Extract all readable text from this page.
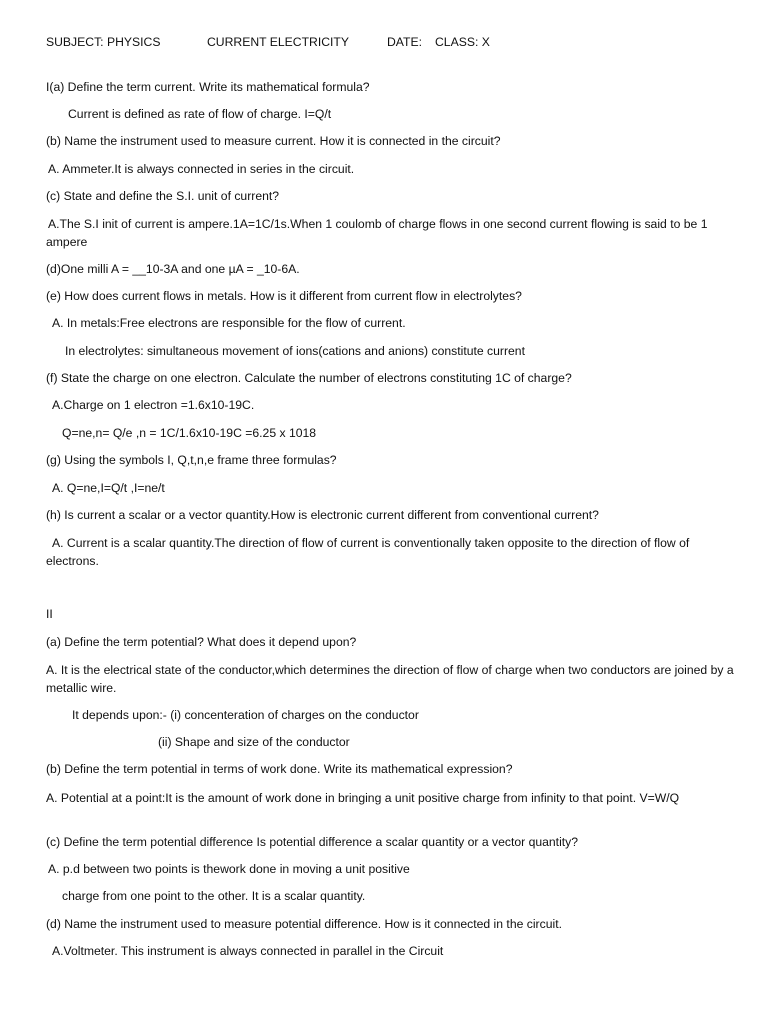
SUBJECT: PHYSICS	CURRENT ELECTRICITY	DATE: CLASS: X
I(a) Define the term current. Write its mathematical formula?
Current is defined as rate of flow of charge. I=Q/t
(b) Name the instrument used to measure current. How it is connected in the circuit?
A. Ammeter.It is always connected in series in the circuit.
(c) State and define the S.I. unit of current?
A.The S.I init of current is ampere.1A=1C/1s.When 1 coulomb of charge flows in one second current flowing is said to be 1 ampere
(d)One milli A = __10-3A and one µA = _10-6A.
(e) How does current flows in metals. How is it different from current flow in electrolytes?
A. In metals:Free electrons are responsible for the flow of current.
In electrolytes: simultaneous movement of ions(cations and anions) constitute current
(f) State the charge on one electron. Calculate the number of electrons constituting 1C of charge?
A.Charge on 1 electron =1.6x10-19C.
Q=ne,n= Q/e ,n = 1C/1.6x10-19C =6.25 x 1018
(g) Using the symbols I, Q,t,n,e frame three formulas?
A. Q=ne,I=Q/t ,I=ne/t
(h) Is current a scalar or a vector quantity.How is electronic current different from conventional current?
A. Current is a scalar quantity.The direction of flow of current is conventionally taken opposite to the direction of flow of electrons.
II
(a) Define the term potential? What does it depend upon?
A. It is the electrical state of the conductor,which determines the direction of flow of charge when two conductors are joined by a metallic wire.
It depends upon:- (i) concenteration of charges on the conductor
(ii) Shape and size of the conductor
(b) Define the term potential in terms of work done. Write its mathematical expression?
A. Potential at a point:It is the amount of work done in bringing a unit positive charge from infinity to that point. V=W/Q
(c) Define the term potential difference Is potential difference a scalar quantity or a vector quantity?
A. p.d between two points is thework done in moving a unit positive
charge from one point to the other. It is a scalar quantity.
(d) Name the instrument used to measure potential difference. How is it connected in the circuit.
A.Voltmeter. This instrument is always connected in parallel in the Circuit
